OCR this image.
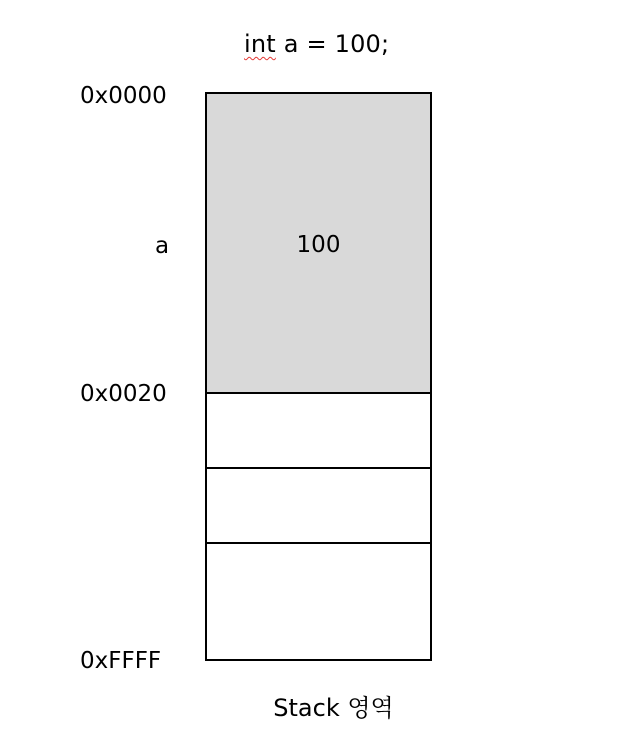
int a = 100;
0x0000
0x0020
0xFFFF
a	100
Stack 영역
